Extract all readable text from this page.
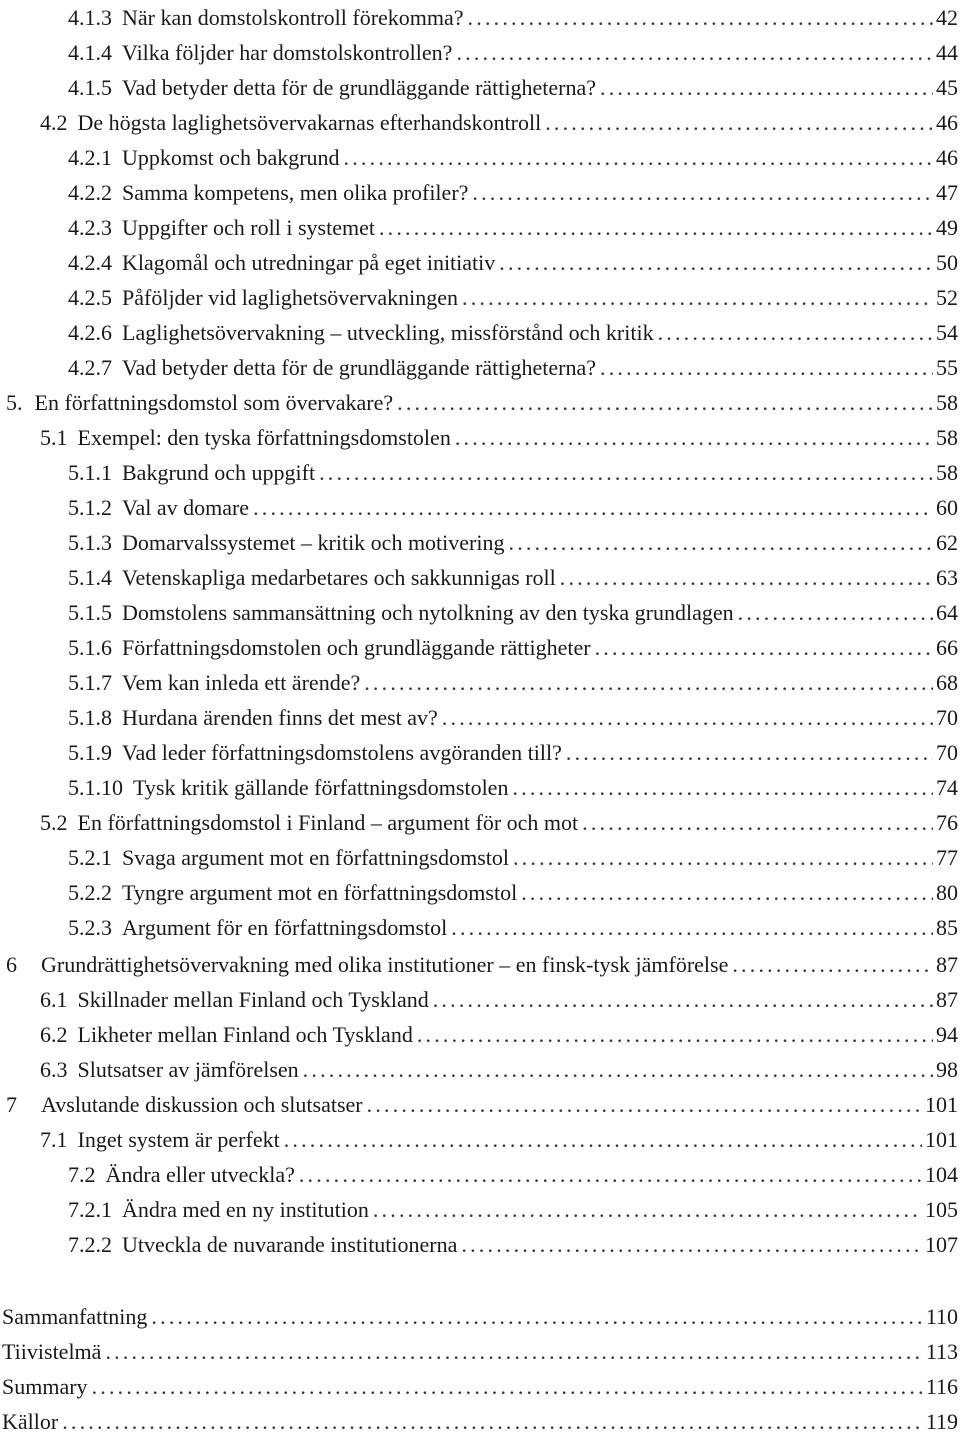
4.1.3 När kan domstolskontroll förekomma? .....	42
4.1.4 Vilka följder har domstolskontrollen? .....	44
4.1.5 Vad betyder detta för de grundläggande rättigheterna? .....	45
4.2 De högsta laglighetsövervakarnas efterhandskontroll .....	46
4.2.1 Uppkomst och bakgrund .....	46
4.2.2 Samma kompetens, men olika profiler? .....	47
4.2.3 Uppgifter och roll i systemet .....	49
4.2.4 Klagomål och utredningar på eget initiativ .....	50
4.2.5 Påföljder vid laglighetsövervakningen .....	52
4.2.6 Laglighetsövervakning – utveckling, missförstånd och kritik .....	54
4.2.7 Vad betyder detta för de grundläggande rättigheterna? .....	55
5. En författningsdomstol som övervakare? .....	58
5.1 Exempel: den tyska författningsdomstolen .....	58
5.1.1 Bakgrund och uppgift .....	58
5.1.2 Val av domare .....	60
5.1.3 Domarvalssystemet – kritik och motivering .....	62
5.1.4 Vetenskapliga medarbetares och sakkunnigas roll .....	63
5.1.5 Domstolens sammansättning och nytolkning av den tyska grundlagen .....	64
5.1.6 Författningsdomstolen och grundläggande rättigheter .....	66
5.1.7 Vem kan inleda ett ärende? .....	68
5.1.8 Hurdana ärenden finns det mest av? .....	70
5.1.9 Vad leder författningsdomstolens avgöranden till? .....	70
5.1.10 Tysk kritik gällande författningsdomstolen .....	74
5.2 En författningsdomstol i Finland – argument för och mot .....	76
5.2.1 Svaga argument mot en författningsdomstol .....	77
5.2.2 Tyngre argument mot en författningsdomstol .....	80
5.2.3 Argument för en författningsdomstol .....	85
6 Grundrättighetsövervakning med olika institutioner – en finsk-tysk jämförelse .....	87
6.1 Skillnader mellan Finland och Tyskland .....	87
6.2 Likheter mellan Finland och Tyskland .....	94
6.3 Slutsatser av jämförelsen .....	98
7 Avslutande diskussion och slutsatser .....	101
7.1 Inget system är perfekt .....	101
7.2 Ändra eller utveckla? .....	104
7.2.1 Ändra med en ny institution .....	105
7.2.2 Utveckla de nuvarande institutionerna .....	107
Sammanfattning .....	110
Tiivistelmä .....	113
Summary .....	116
Källor .....	119
